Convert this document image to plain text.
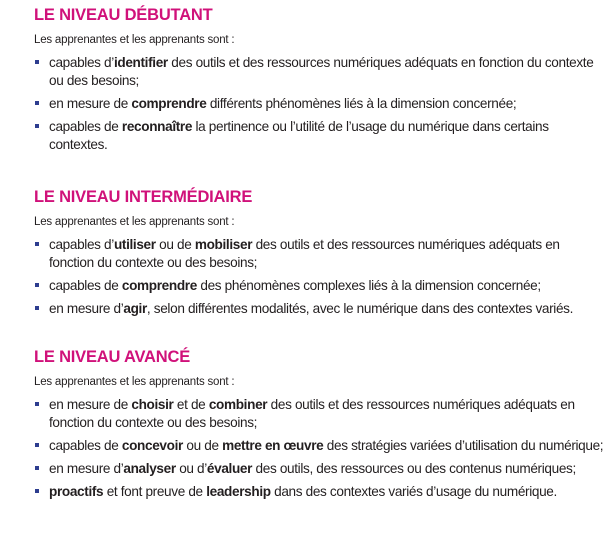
LE NIVEAU DÉBUTANT

Les apprenantes et les apprenants sont :

capables d’identifier des outils et des ressources numériques adéquats en fonction du contexte ou des besoins;
en mesure de comprendre différents phénomènes liés à la dimension concernée;
capables de reconnaître la pertinence ou l’utilité de l’usage du numérique dans certains contextes.
LE NIVEAU INTERMÉDIAIRE

Les apprenantes et les apprenants sont :

capables d’utiliser ou de mobiliser des outils et des ressources numériques adéquats en fonction du contexte ou des besoins;
capables de comprendre des phénomènes complexes liés à la dimension concernée;
en mesure d’agir, selon différentes modalités, avec le numérique dans des contextes variés.
LE NIVEAU AVANCÉ

Les apprenantes et les apprenants sont :

en mesure de choisir et de combiner des outils et des ressources numériques adéquats en fonction du contexte ou des besoins;
capables de concevoir ou de mettre en œuvre des stratégies variées d’utilisation du numérique;
en mesure d’analyser ou d’évaluer des outils, des ressources ou des contenus numériques;
proactifs et font preuve de leadership dans des contextes variés d’usage du numérique.
